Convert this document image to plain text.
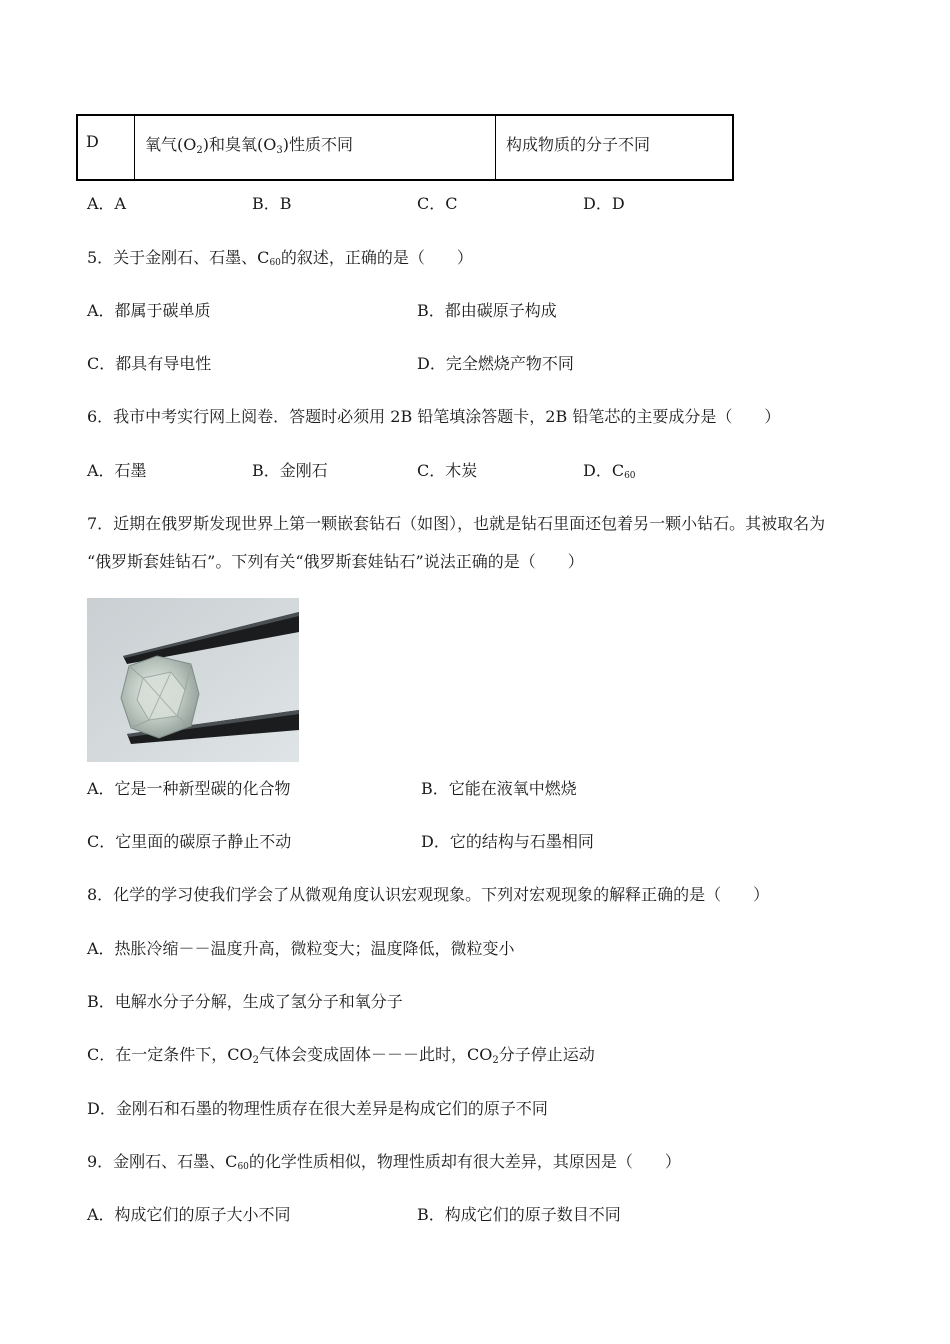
D	氧气$(O_2)$和臭氧$(O_3)$性质不同	构成物质的分子不同
A．A	B．B	C．C	D．D
5．关于金刚石、石墨、C60的叙述，正确的是（　　）
A．都属于碳单质	B．都由碳原子构成
C．都具有导电性	D．完全燃烧产物不同
6．我市中考实行网上阅卷．答题时必须用 2B 铅笔填涂答题卡，2B 铅笔芯的主要成分是（　　）
A．石墨	B．金刚石	C．木炭	D．C60
7．近期在俄罗斯发现世界上第一颗嵌套钻石（如图），也就是钻石里面还包着另一颗小钻石。其被取名为
“俄罗斯套娃钻石”。下列有关“俄罗斯套娃钻石”说法正确的是（　　）
A．它是一种新型碳的化合物	B．它能在液氧中燃烧
C．它里面的碳原子静止不动	D．它的结构与石墨相同
8．化学的学习使我们学会了从微观角度认识宏观现象。下列对宏观现象的解释正确的是（　　）
A．热胀冷缩－－温度升高，微粒变大；温度降低，微粒变小
B．电解水分子分解，生成了氢分子和氧分子
C．在一定条件下，$CO_2$气体会变成固体－－－此时，$CO_2$分子停止运动
D．金刚石和石墨的物理性质存在很大差异是构成它们的原子不同
9．金刚石、石墨、C60的化学性质相似，物理性质却有很大差异，其原因是（　　）
A．构成它们的原子大小不同	B．构成它们的原子数目不同
